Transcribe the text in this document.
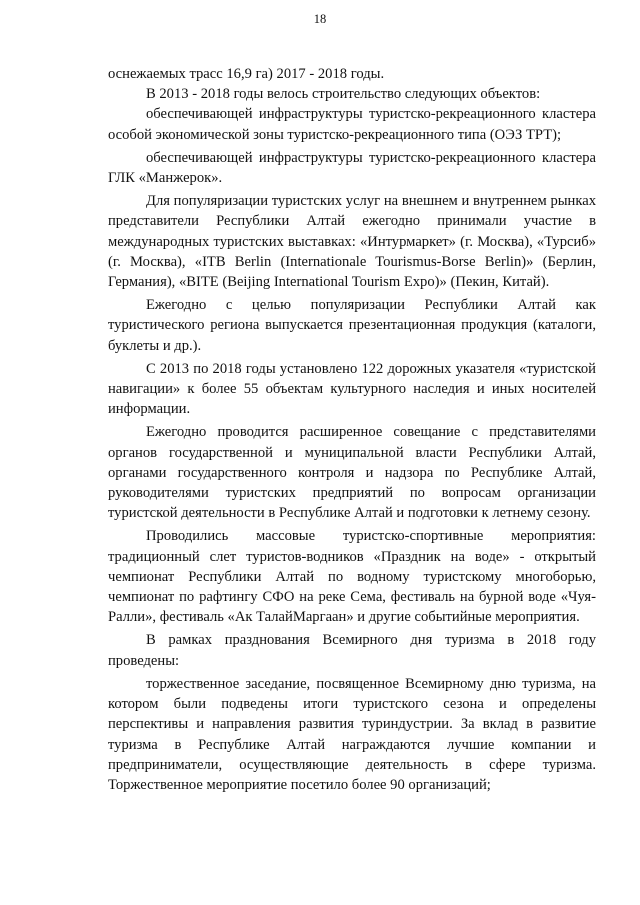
18

оснежаемых трасс 16,9 га) 2017 - 2018 годы.

В 2013 - 2018 годы велось строительство следующих объектов:

обеспечивающей инфраструктуры туристско-рекреационного кластера особой экономической зоны туристско-рекреационного типа (ОЭЗ ТРТ);

обеспечивающей инфраструктуры туристско-рекреационного кластера ГЛК «Манжерок».

Для популяризации туристских услуг на внешнем и внутреннем рынках представители Республики Алтай ежегодно принимали участие в международных туристских выставках: «Интурмаркет» (г. Москва), «Турсиб» (г. Москва), «ITB Berlin (Internationale Tourismus-Borse Berlin)» (Берлин, Германия), «BITE (Beijing International Tourism Expo)» (Пекин, Китай).

Ежегодно с целью популяризации Республики Алтай как туристического региона выпускается презентационная продукция (каталоги, буклеты и др.).

С 2013 по 2018 годы установлено 122 дорожных указателя «туристской навигации» к более 55 объектам культурного наследия и иных носителей информации.

Ежегодно проводится расширенное совещание с представителями органов государственной и муниципальной власти Республики Алтай, органами государственного контроля и надзора по Республике Алтай, руководителями туристских предприятий по вопросам организации туристской деятельности в Республике Алтай и подготовки к летнему сезону.

Проводились массовые туристско-спортивные мероприятия: традиционный слет туристов-водников «Праздник на воде» - открытый чемпионат Республики Алтай по водному туристскому многоборью, чемпионат по рафтингу СФО на реке Сема, фестиваль на бурной воде «Чуя-Ралли», фестиваль «Ак ТалайМаргаан» и другие событийные мероприятия.

В рамках празднования Всемирного дня туризма в 2018 году проведены:

торжественное заседание, посвященное Всемирному дню туризма, на котором были подведены итоги туристского сезона и определены перспективы и направления развития туриндустрии. За вклад в развитие туризма в Республике Алтай награждаются лучшие компании и предприниматели, осуществляющие деятельность в сфере туризма. Торжественное мероприятие посетило более 90 организаций;
